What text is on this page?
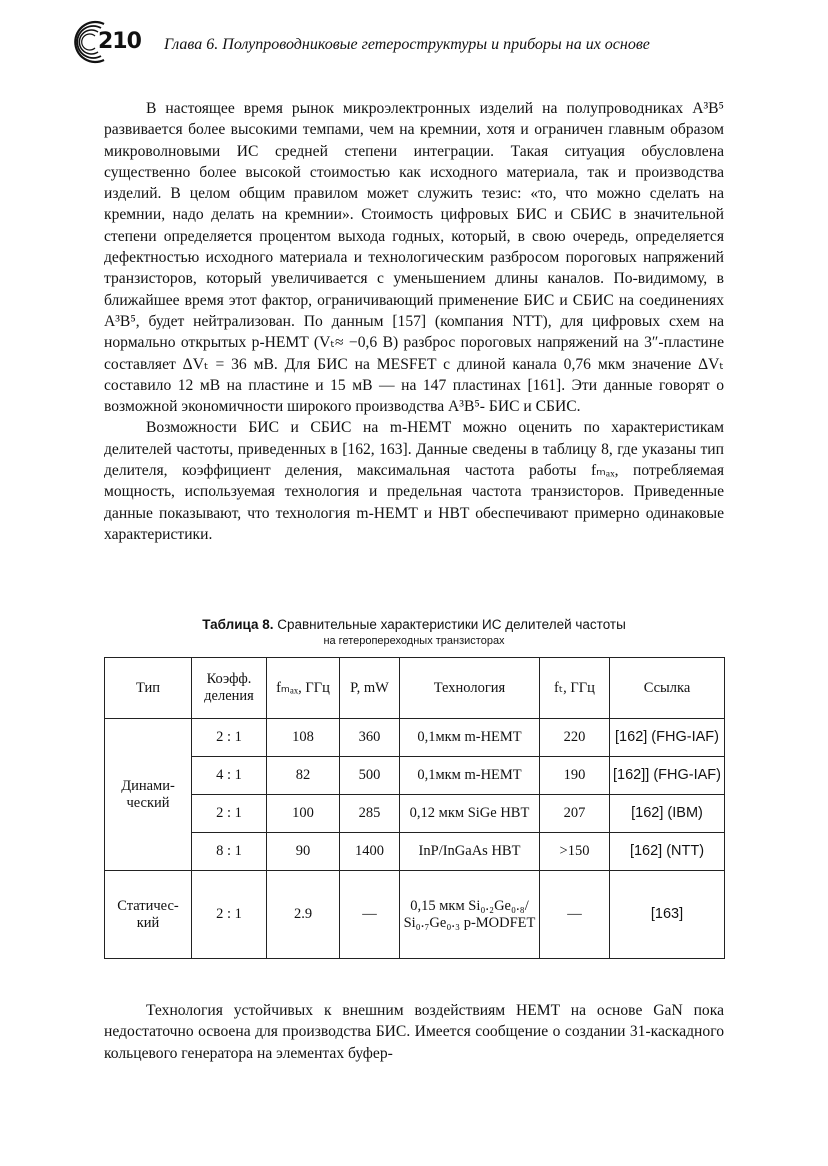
210 Глава 6. Полупроводниковые гетероструктуры и приборы на их основе

В настоящее время рынок микроэлектронных изделий на полупроводниках A³B⁵ развивается более высокими темпами, чем на кремнии, хотя и ограничен главным образом микроволновыми ИС средней степени интеграции. Такая ситуация обусловлена существенно более высокой стоимостью как исходного материала, так и производства изделий. В целом общим правилом может служить тезис: «то, что можно сделать на кремнии, надо делать на кремнии». Стоимость цифровых БИС и СБИС в значительной степени определяется процентом выхода годных, который, в свою очередь, определяется дефектностью исходного материала и технологическим разбросом пороговых напряжений транзисторов, который увеличивается с уменьшением длины каналов. По-видимому, в ближайшее время этот фактор, ограничивающий применение БИС и СБИС на соединениях A³B⁵, будет нейтрализован. По данным [157] (компания NTT), для цифровых схем на нормально открытых p-HEMT (Vₜ≈ −0,6 В) разброс пороговых напряжений на 3″-пластине составляет ΔVₜ = 36 мВ. Для БИС на MESFET с длиной канала 0,76 мкм значение ΔVₜ составило 12 мВ на пластине и 15 мВ — на 147 пластинах [161]. Эти данные говорят о возможной экономичности широкого производства A³B⁵- БИС и СБИС.

Возможности БИС и СБИС на m-HEMT можно оценить по характеристикам делителей частоты, приведенных в [162, 163]. Данные сведены в таблицу 8, где указаны тип делителя, коэффициент деления, максимальная частота работы fₘₐₓ, потребляемая мощность, используемая технология и предельная частота транзисторов. Приведенные данные показывают, что технология m-HEMT и HBT обеспечивают примерно одинаковые характеристики.

Таблица 8. Сравнительные характеристики ИС делителей частоты
на гетеропереходных транзисторах
Тип	Коэфф. деления	fₘₐₓ, ГГц	P, mW	Технология	fₜ, ГГц	Ссылка
Динами-ческий	2 : 1	108	360	0,1мкм m-HEMT	220	[162] (FHG-IAF)
	4 : 1	82	500	0,1мкм m-HEMT	190	[162]] (FHG-IAF)
	2 : 1	100	285	0,12 мкм SiGe HBT	207	[162] (IBM)
	8 : 1	90	1400	InP/InGaAs HBT	>150	[162] (NTT)
Статичес-кий	2 : 1	2.9	—	0,15 мкм Si₀.₂Ge₀.₈/ Si₀.₇Ge₀.₃ p-MODFET	—	[163]

Технология устойчивых к внешним воздействиям HEMT на основе GaN пока недостаточно освоена для производства БИС. Имеется сообщение о создании 31-каскадного кольцевого генератора на элементах буфер-
